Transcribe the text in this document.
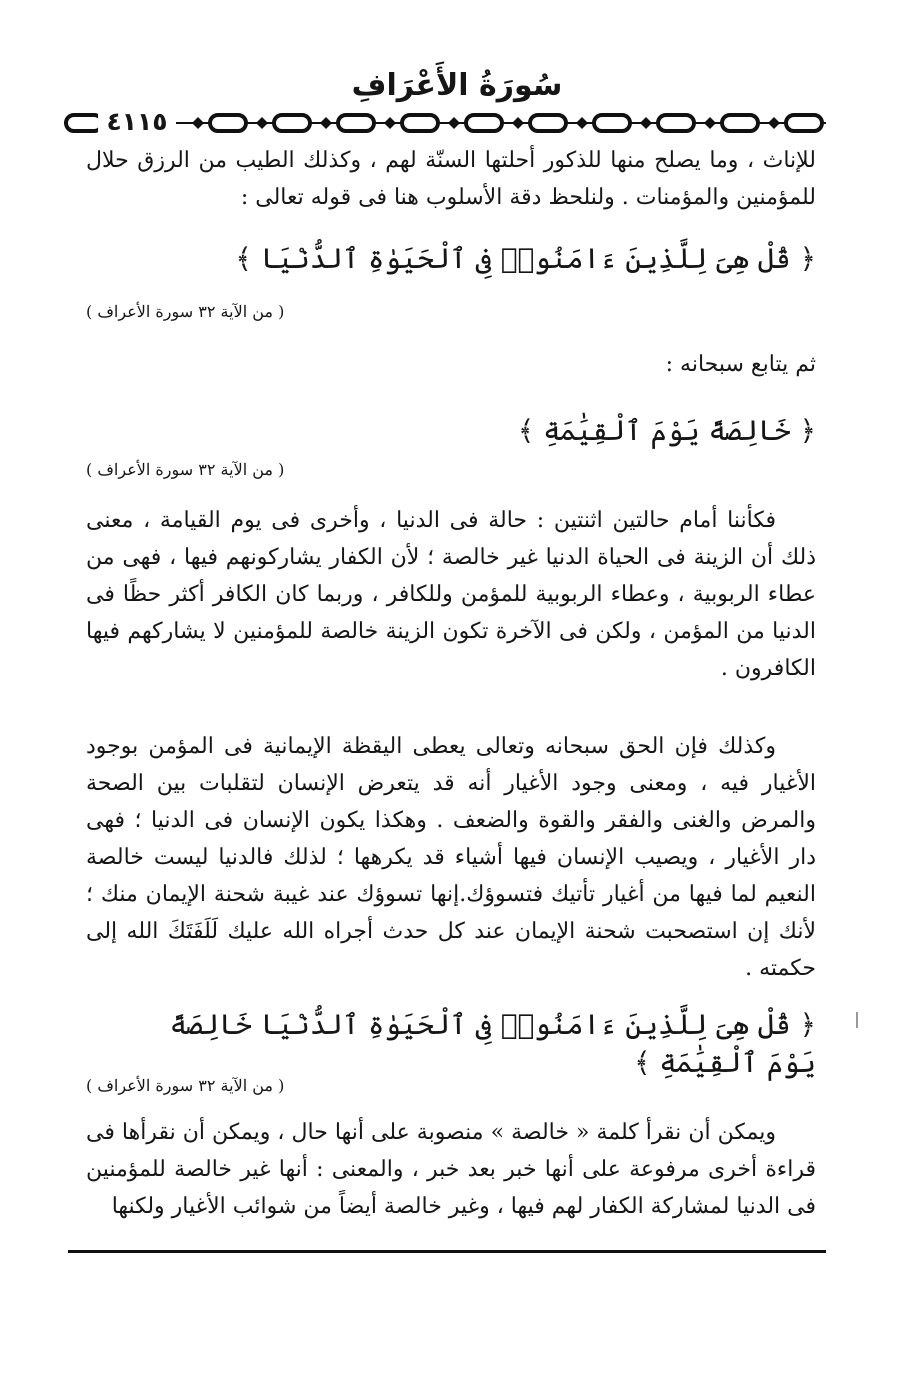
سُورَةُ الأَعْرَافِ
٤١١٥
للإناث ، وما يصلح منها للذكور أحلتها السنّة لهم ، وكذلك الطيب من الرزق حلال للمؤمنين والمؤمنات . ولنلحظ دقة الأسلوب هنا فى قوله تعالى :
﴿ قُلْ هِىَ لِلَّذِينَ ءَامَنُوا۟ فِى ٱلْحَيَوٰةِ ٱلدُّنْيَا ﴾
( من الآية ٣٢ سورة الأعراف )
ثم يتابع سبحانه :
﴿ خَالِصَةً يَوْمَ ٱلْقِيَٰمَةِ ﴾
( من الآية ٣٢ سورة الأعراف )
فكأننا أمام حالتين اثنتين : حالة فى الدنيا ، وأخرى فى يوم القيامة ، معنى ذلك أن الزينة فى الحياة الدنيا غير خالصة ؛ لأن الكفار يشاركونهم فيها ، فهى من عطاء الربوبية ، وعطاء الربوبية للمؤمن وللكافر ، وربما كان الكافر أكثر حظًا فى الدنيا من المؤمن ، ولكن فى الآخرة تكون الزينة خالصة للمؤمنين لا يشاركهم فيها الكافرون .
وكذلك فإن الحق سبحانه وتعالى يعطى اليقظة الإيمانية فى المؤمن بوجود الأغيار فيه ، ومعنى وجود الأغيار أنه قد يتعرض الإنسان لتقلبات بين الصحة والمرض والغنى والفقر والقوة والضعف . وهكذا يكون الإنسان فى الدنيا ؛ فهى دار الأغيار ، ويصيب الإنسان فيها أشياء قد يكرهها ؛ لذلك فالدنيا ليست خالصة النعيم لما فيها من أغيار تأتيك فتسوؤك.إنها تسوؤك عند غيبة شحنة الإيمان منك ؛ لأنك إن استصحبت شحنة الإيمان عند كل حدث أجراه الله عليك لَلَفَتَكَ الله إلى حكمته .
﴿ قُلْ هِىَ لِلَّذِينَ ءَامَنُوا۟ فِى ٱلْحَيَوٰةِ ٱلدُّنْيَا خَالِصَةً يَوْمَ ٱلْقِيَٰمَةِ ﴾
( من الآية ٣٢ سورة الأعراف )
ويمكن أن نقرأ كلمة « خالصة » منصوبة على أنها حال ، ويمكن أن نقرأها فى قراءة أخرى مرفوعة على أنها خبر بعد خبر ، والمعنى : أنها غير خالصة للمؤمنين فى الدنيا لمشاركة الكفار لهم فيها ، وغير خالصة أيضاً من شوائب الأغيار ولكنها
